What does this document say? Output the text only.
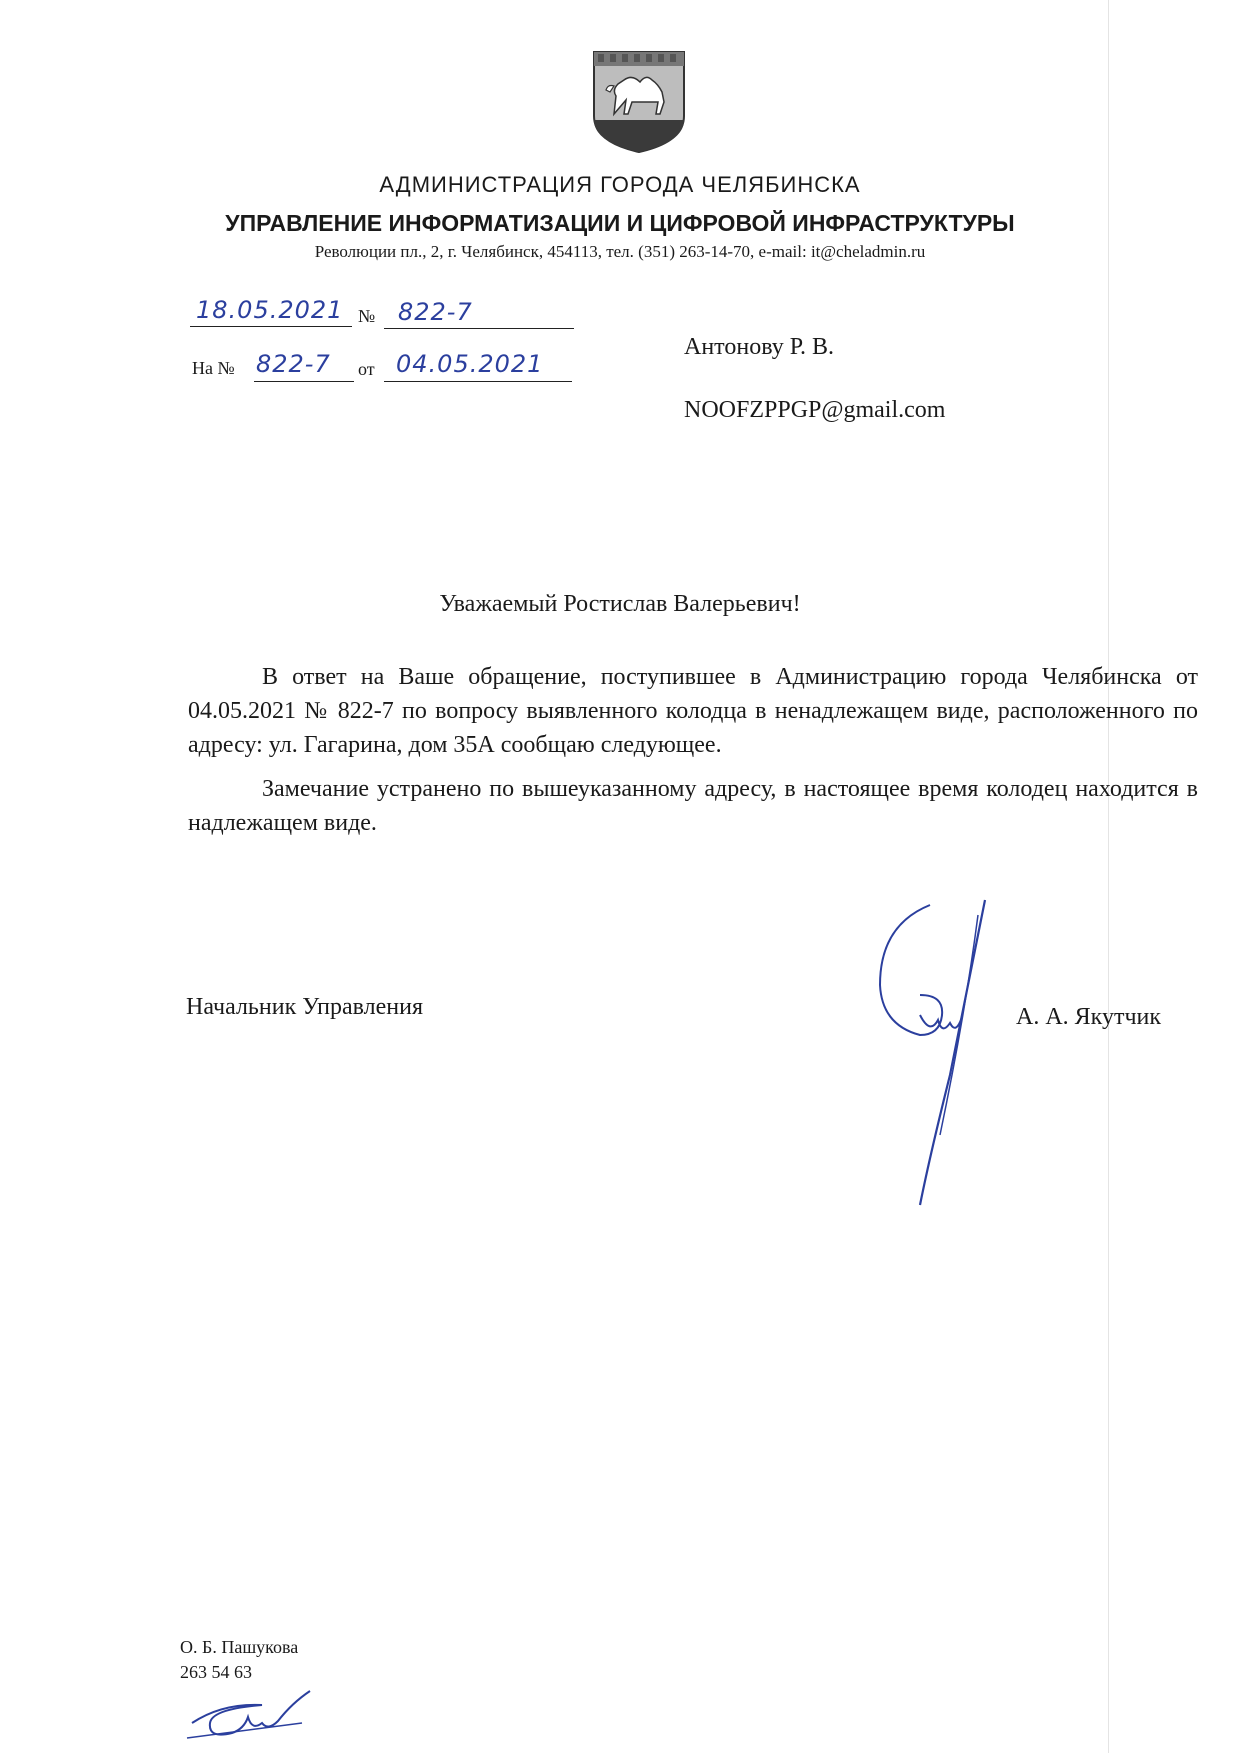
АДМИНИСТРАЦИЯ ГОРОДА ЧЕЛЯБИНСКА
УПРАВЛЕНИЕ ИНФОРМАТИЗАЦИИ И ЦИФРОВОЙ ИНФРАСТРУКТУРЫ
Революции пл., 2, г. Челябинск, 454113, тел. (351) 263-14-70, e-mail: it@cheladmin.ru
18.05.2021 № 822-7
На № 822-7 от 04.05.2021
Антонову Р. В.
NOOFZPPGP@gmail.com
Уважаемый Ростислав Валерьевич!

В ответ на Ваше обращение, поступившее в Администрацию города Челябинска от 04.05.2021 № 822-7 по вопросу выявленного колодца в ненадлежащем виде, расположенного по адресу: ул. Гагарина, дом 35А сообщаю следующее.

Замечание устранено по вышеуказанному адресу, в настоящее время колодец находится в надлежащем виде.

Начальник Управления	А. А. Якутчик
О. Б. Пашукова
263 54 63
